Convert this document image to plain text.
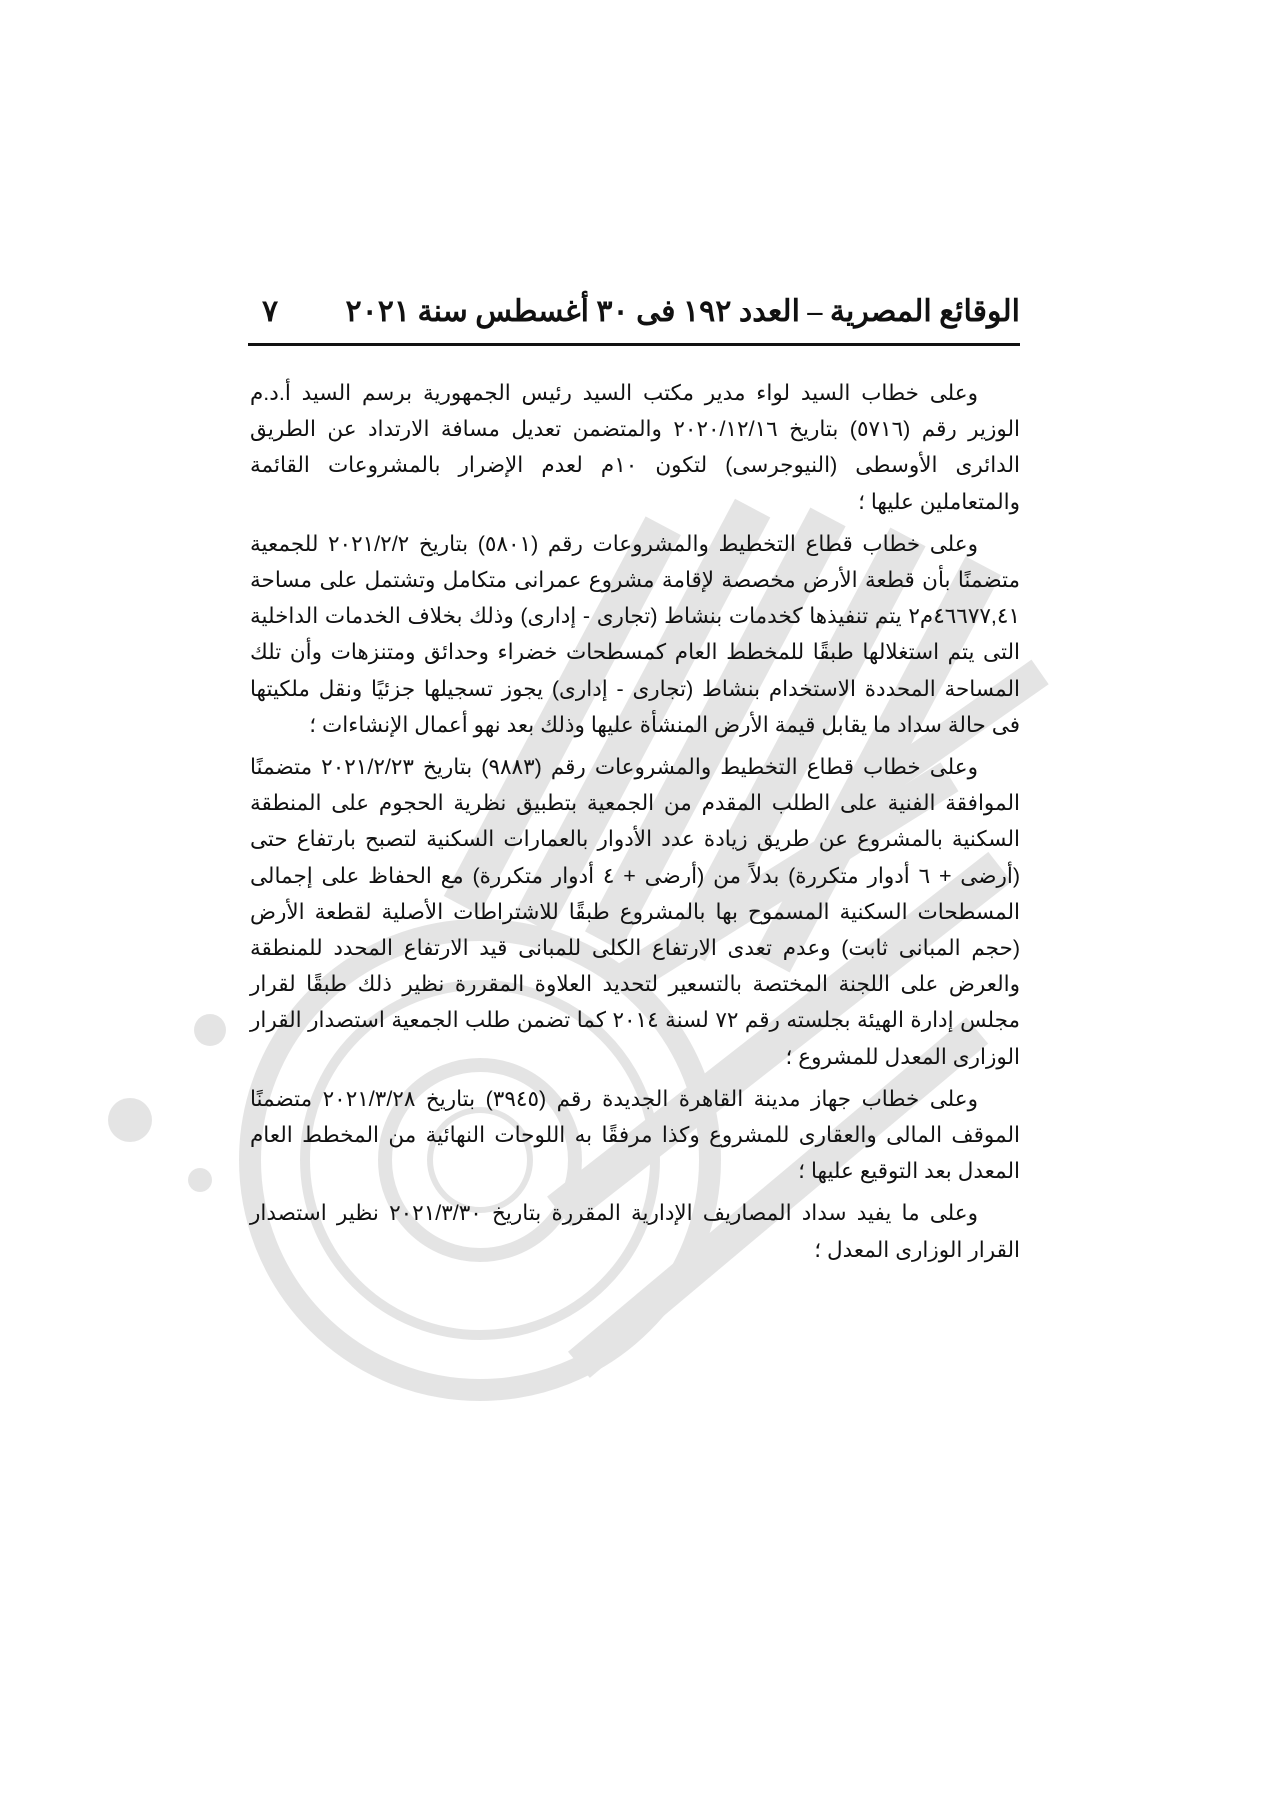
الوقائع المصرية – العدد ١٩٢ فى ٣٠ أغسطس سنة ٢٠٢١
٧

وعلى خطاب السيد لواء مدير مكتب السيد رئيس الجمهورية برسم السيد أ.د.م الوزير رقم (٥٧١٦) بتاريخ ٢٠٢٠/١٢/١٦ والمتضمن تعديل مسافة الارتداد عن الطريق الدائرى الأوسطى (النيوجرسى) لتكون ١٠م لعدم الإضرار بالمشروعات القائمة والمتعاملين عليها ؛

وعلى خطاب قطاع التخطيط والمشروعات رقم (٥٨٠١) بتاريخ ٢٠٢١/٢/٢ للجمعية متضمنًا بأن قطعة الأرض مخصصة لإقامة مشروع عمرانى متكامل وتشتمل على مساحة ٤٦٦٧٧,٤١م٢ يتم تنفيذها كخدمات بنشاط (تجارى - إدارى) وذلك بخلاف الخدمات الداخلية التى يتم استغلالها طبقًا للمخطط العام كمسطحات خضراء وحدائق ومتنزهات وأن تلك المساحة المحددة الاستخدام بنشاط (تجارى - إدارى) يجوز تسجيلها جزئيًا ونقل ملكيتها فى حالة سداد ما يقابل قيمة الأرض المنشأة عليها وذلك بعد نهو أعمال الإنشاءات ؛

وعلى خطاب قطاع التخطيط والمشروعات رقم (٩٨٨٣) بتاريخ ٢٠٢١/٢/٢٣ متضمنًا الموافقة الفنية على الطلب المقدم من الجمعية بتطبيق نظرية الحجوم على المنطقة السكنية بالمشروع عن طريق زيادة عدد الأدوار بالعمارات السكنية لتصبح بارتفاع حتى (أرضى + ٦ أدوار متكررة) بدلاً من (أرضى + ٤ أدوار متكررة) مع الحفاظ على إجمالى المسطحات السكنية المسموح بها بالمشروع طبقًا للاشتراطات الأصلية لقطعة الأرض (حجم المبانى ثابت) وعدم تعدى الارتفاع الكلى للمبانى قيد الارتفاع المحدد للمنطقة والعرض على اللجنة المختصة بالتسعير لتحديد العلاوة المقررة نظير ذلك طبقًا لقرار مجلس إدارة الهيئة بجلسته رقم ٧٢ لسنة ٢٠١٤ كما تضمن طلب الجمعية استصدار القرار الوزارى المعدل للمشروع ؛

وعلى خطاب جهاز مدينة القاهرة الجديدة رقم (٣٩٤٥) بتاريخ ٢٠٢١/٣/٢٨ متضمنًا الموقف المالى والعقارى للمشروع وكذا مرفقًا به اللوحات النهائية من المخطط العام المعدل بعد التوقيع عليها ؛

وعلى ما يفيد سداد المصاريف الإدارية المقررة بتاريخ ٢٠٢١/٣/٣٠ نظير استصدار القرار الوزارى المعدل ؛
